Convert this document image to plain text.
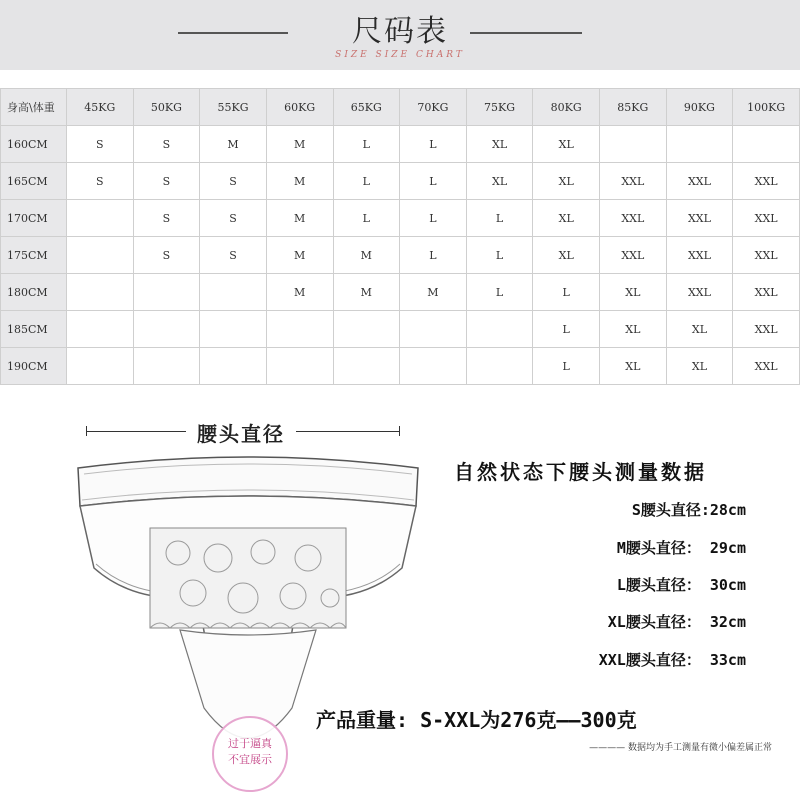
尺码表
SIZE SIZE CHART
身高\体重	45KG	50KG	55KG	60KG	65KG	70KG	75KG	80KG	85KG	90KG	100KG
160CM	S	S	M	M	L	L	XL	XL			
165CM	S	S	S	M	L	L	XL	XL	XXL	XXL	XXL
170CM		S	S	M	L	L	L	XL	XXL	XXL	XXL
175CM		S	S	M	M	L	L	XL	XXL	XXL	XXL
180CM				M	M	M	L	L	XL	XXL	XXL
185CM								L	XL	XL	XXL
190CM								L	XL	XL	XXL
腰头直径
过于逼真
不宜展示
自然状态下腰头测量数据
S腰头直径:28cm
M腰头直径： 29cm
L腰头直径： 30cm
XL腰头直径： 32cm
XXL腰头直径： 33cm
产品重量: S-XXL为276克——300克
———— 数据均为手工测量有微小偏差属正常
